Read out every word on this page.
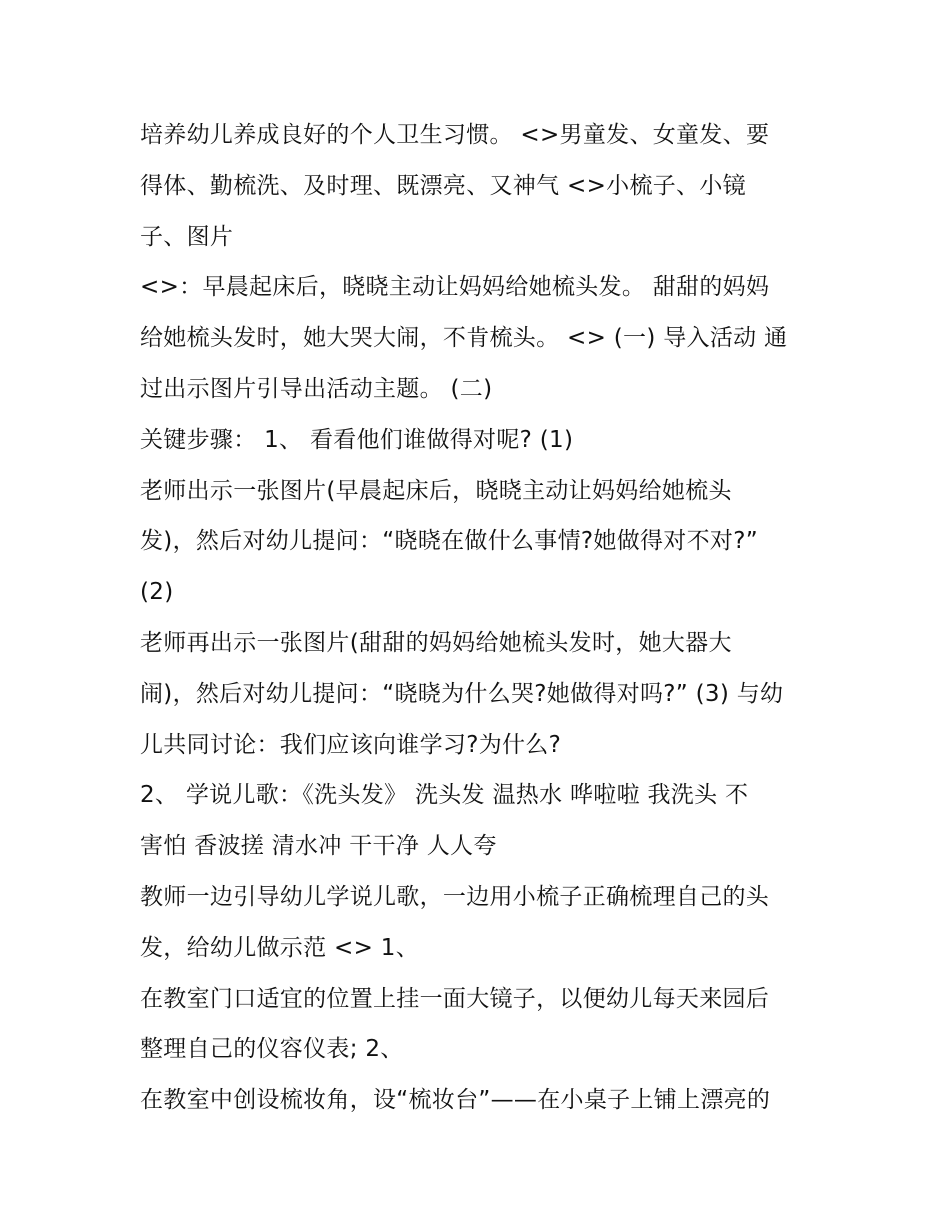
培养幼儿养成良好的个人卫生习惯。 <>男童发、女童发、要
得体、勤梳洗、及时理、既漂亮、又神气 <>小梳子、小镜
子、图片
<>：早晨起床后，晓晓主动让妈妈给她梳头发。 甜甜的妈妈
给她梳头发时，她大哭大闹，不肯梳头。 <> (一) 导入活动 通
过出示图片引导出活动主题。 (二)
关键步骤： 1、 看看他们谁做得对呢? (1)
老师出示一张图片(早晨起床后，晓晓主动让妈妈给她梳头
发)，然后对幼儿提问：“晓晓在做什么事情?她做得对不对?”
(2)
老师再出示一张图片(甜甜的妈妈给她梳头发时，她大器大
闹)，然后对幼儿提问：“晓晓为什么哭?她做得对吗?” (3) 与幼
儿共同讨论：我们应该向谁学习?为什么?
2、 学说儿歌：《洗头发》 洗头发 温热水 哗啦啦 我洗头 不
害怕 香波搓 清水冲 干干净 人人夸
教师一边引导幼儿学说儿歌，一边用小梳子正确梳理自己的头
发，给幼儿做示范 <> 1、
在教室门口适宜的位置上挂一面大镜子，以便幼儿每天来园后
整理自己的仪容仪表; 2、
在教室中创设梳妆角，设“梳妆台”——在小桌子上铺上漂亮的
